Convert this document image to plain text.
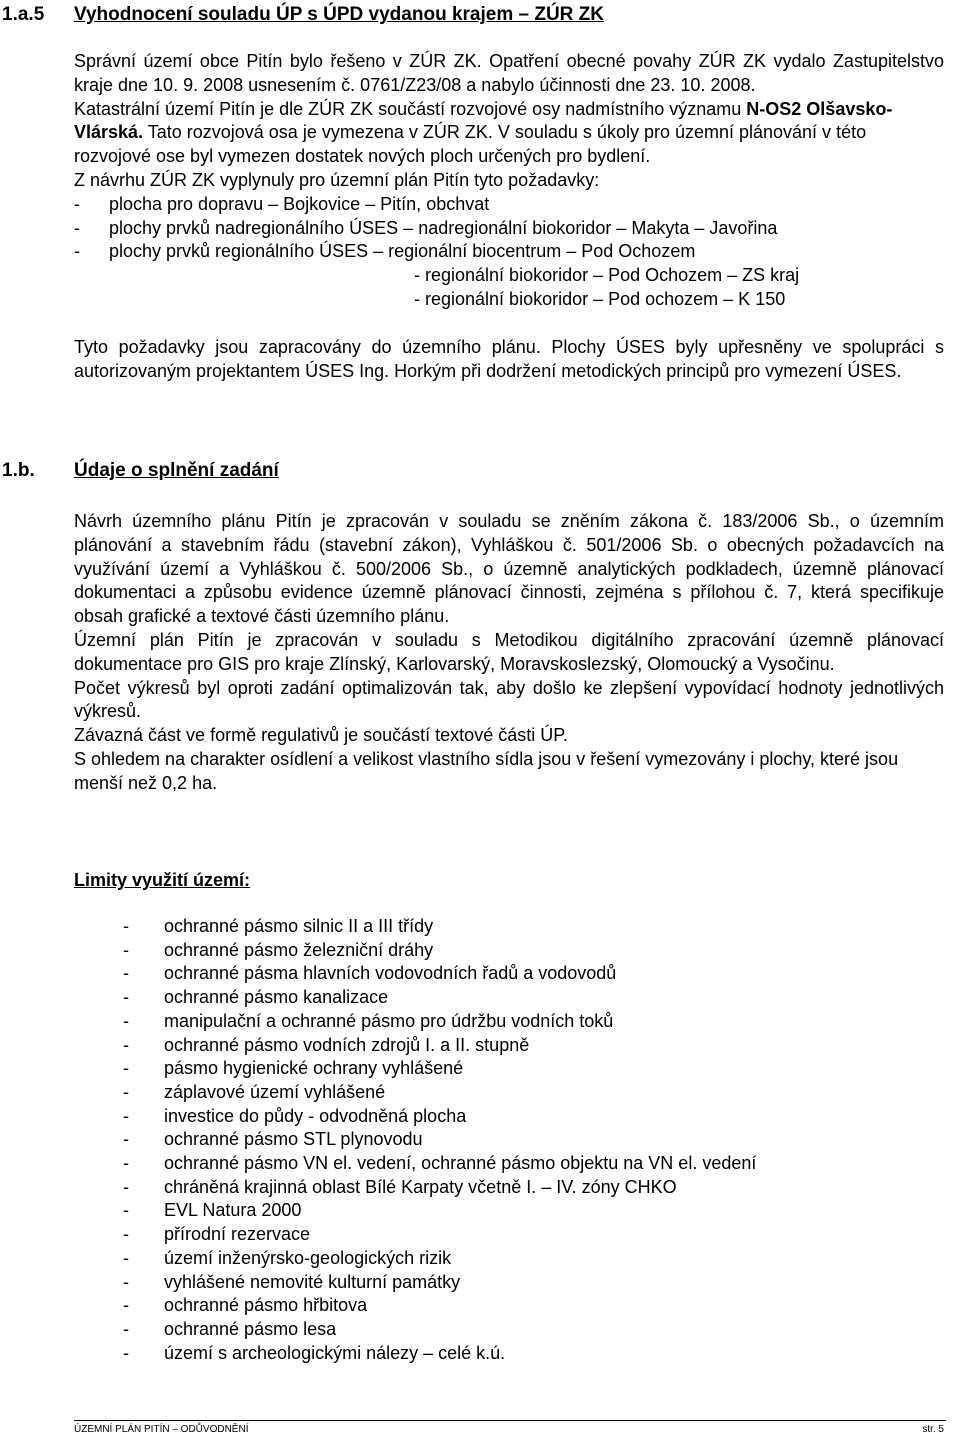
1.a.5 Vyhodnocení souladu ÚP s ÚPD vydanou krajem – ZÚR ZK

Správní území obce Pitín bylo řešeno v ZÚR ZK. Opatření obecné povahy ZÚR ZK vydalo Zastupitelstvo kraje dne 10. 9. 2008 usnesením č. 0761/Z23/08 a nabylo účinnosti dne 23. 10. 2008.

Katastrální území Pitín je dle ZÚR ZK součástí rozvojové osy nadmístního významu N-OS2 Olšavsko-Vlárská. Tato rozvojová osa je vymezena v ZÚR ZK. V souladu s úkoly pro územní plánování v této rozvojové ose byl vymezen dostatek nových ploch určených pro bydlení.

Z návrhu ZÚR ZK vyplynuly pro územní plán Pitín tyto požadavky:

- plocha pro dopravu – Bojkovice – Pitín, obchvat
- plochy prvků nadregionálního ÚSES – nadregionální biokoridor – Makyta – Javořina
- plochy prvků regionálního ÚSES – regionální biocentrum – Pod Ochozem
- regionální biokoridor – Pod Ochozem – ZS kraj
- regionální biokoridor – Pod ochozem – K 150

Tyto požadavky jsou zapracovány do územního plánu. Plochy ÚSES byly upřesněny ve spolupráci s autorizovaným projektantem ÚSES Ing. Horkým při dodržení metodických principů pro vymezení ÚSES.

1.b. Údaje o splnění zadání

Návrh územního plánu Pitín je zpracován v souladu se zněním zákona č. 183/2006 Sb., o územním plánování a stavebním řádu (stavební zákon), Vyhláškou č. 501/2006 Sb. o obecných požadavcích na využívání území a Vyhláškou č. 500/2006 Sb., o územně analytických podkladech, územně plánovací dokumentaci a způsobu evidence územně plánovací činnosti, zejména s přílohou č. 7, která specifikuje obsah grafické a textové části územního plánu.

Územní plán Pitín je zpracován v souladu s Metodikou digitálního zpracování územně plánovací dokumentace pro GIS pro kraje Zlínský, Karlovarský, Moravskoslezský, Olomoucký a Vysočinu.

Počet výkresů byl oproti zadání optimalizován tak, aby došlo ke zlepšení vypovídací hodnoty jednotlivých výkresů.

Závazná část ve formě regulativů je součástí textové části ÚP.

S ohledem na charakter osídlení a velikost vlastního sídla jsou v řešení vymezovány i plochy, které jsou menší než 0,2 ha.

Limity využití území:
- ochranné pásmo silnic II a III třídy
- ochranné pásmo železniční dráhy
- ochranné pásma hlavních vodovodních řadů a vodovodů
- ochranné pásmo kanalizace
- manipulační a ochranné pásmo pro údržbu vodních toků
- ochranné pásmo vodních zdrojů I. a II. stupně
- pásmo hygienické ochrany vyhlášené
- záplavové území vyhlášené
- investice do půdy - odvodněná plocha
- ochranné pásmo STL plynovodu
- ochranné pásmo VN el. vedení, ochranné pásmo objektu na VN el. vedení
- chráněná krajinná oblast Bílé Karpaty včetně I. – IV. zóny CHKO
- EVL Natura 2000
- přírodní rezervace
- území inženýrsko-geologických rizik
- vyhlášené nemovité kulturní památky
- ochranné pásmo hřbitova
- ochranné pásmo lesa
- území s archeologickými nálezy – celé k.ú.
ÚZEMNÍ PLÁN PITÍN – ODŮVODNĚNÍ	str. 5
